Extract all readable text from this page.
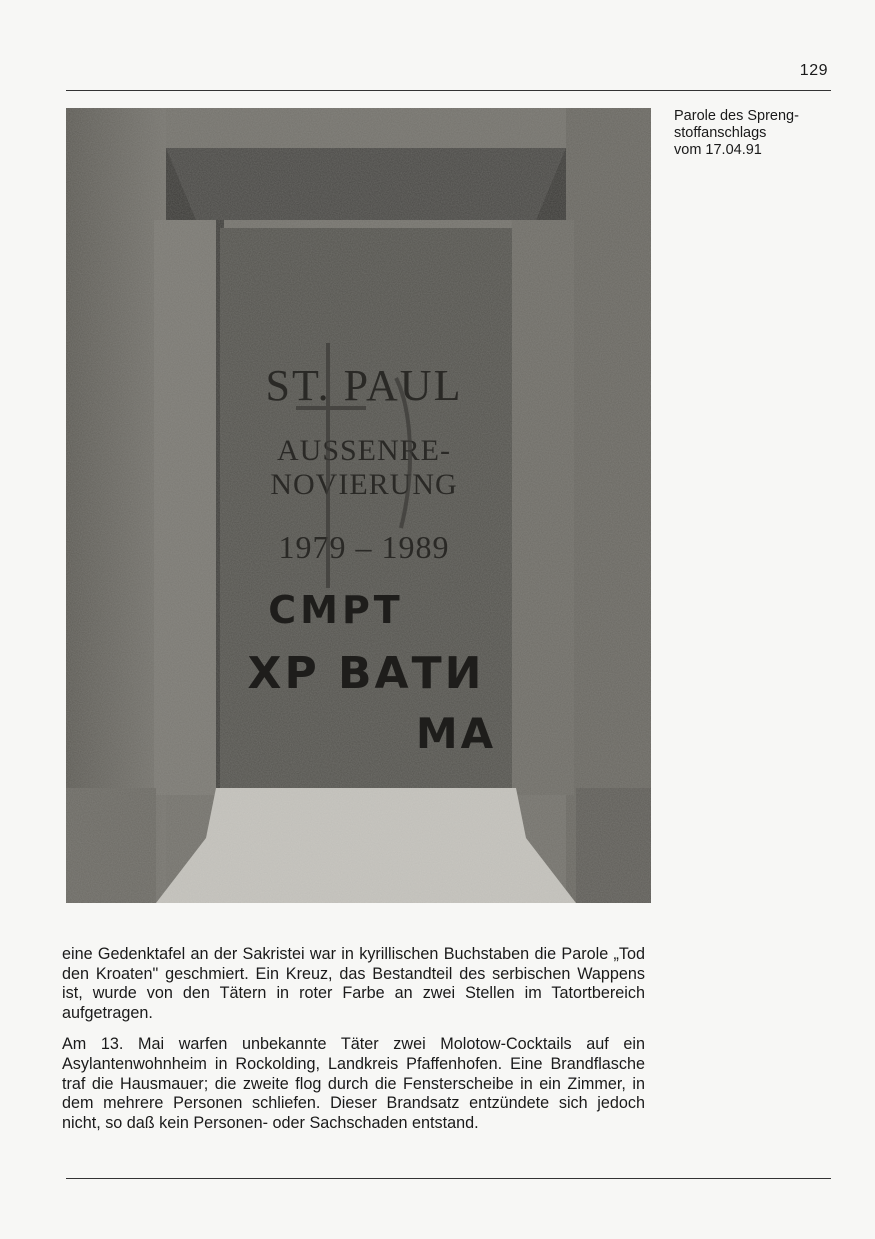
129
ST. PAUL
AUSSENRE-
NOVIERUNG
1979 – 1989
СМРТ
ХР ВАТИ
МА
Parole des Spreng-
stoffanschlags
vom 17.04.91

eine Gedenktafel an der Sakristei war in kyrillischen Buchstaben die Parole „Tod den Kroaten" geschmiert. Ein Kreuz, das Bestandteil des serbischen Wappens ist, wurde von den Tätern in roter Farbe an zwei Stellen im Tatortbereich aufgetragen.

Am 13. Mai warfen unbekannte Täter zwei Molotow-Cocktails auf ein Asylantenwohnheim in Rockolding, Landkreis Pfaffenhofen. Eine Brandflasche traf die Hausmauer; die zweite flog durch die Fensterscheibe in ein Zimmer, in dem mehrere Personen schliefen. Dieser Brandsatz entzündete sich jedoch nicht, so daß kein Personen- oder Sachschaden entstand.
